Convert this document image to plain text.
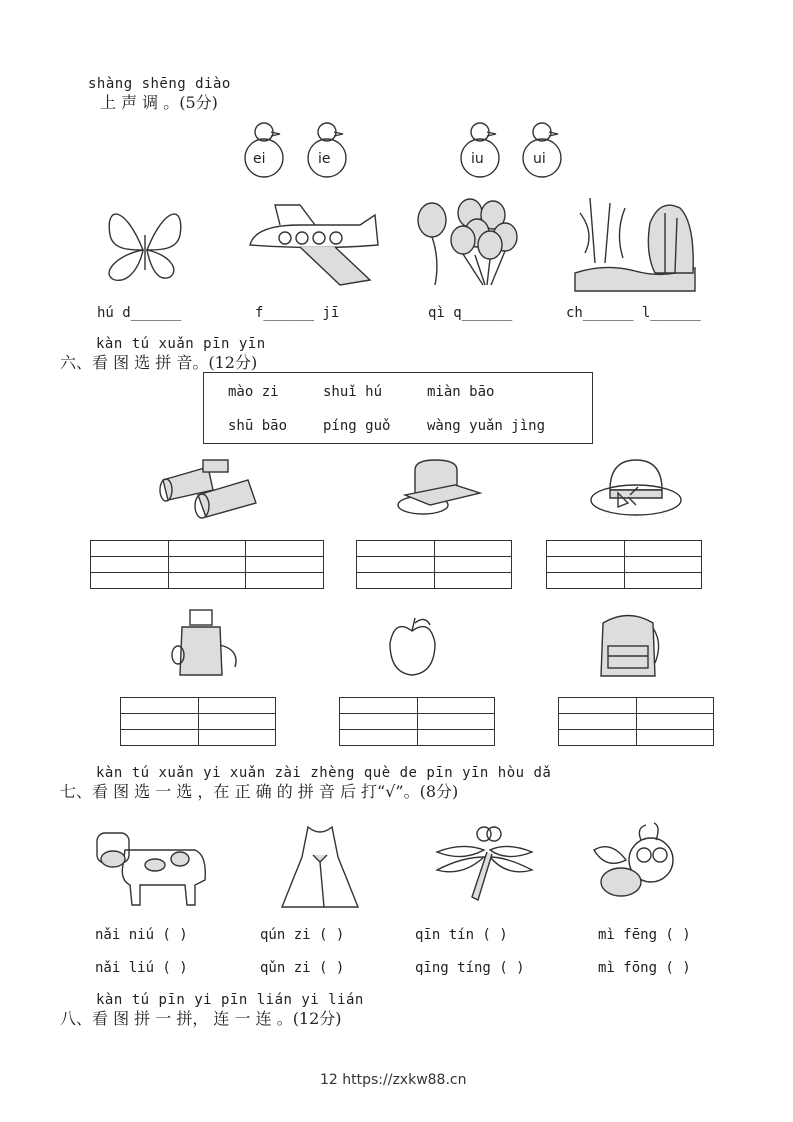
shàng shēng diào
上 声 调 。(5分)
ei	ie	iu	ui
hú d______	f______ jī	qì q______	ch______ l______
kàn tú xuǎn pīn yīn
六、看 图 选 拼 音。(12分)
mào zi	shuǐ hú	miàn bāo
shū bāo	píng guǒ	wàng yuǎn jìng

kàn tú xuǎn yi xuǎn zài zhèng què de pīn yīn hòu dǎ
七、看 图 选 一 选 ，在 正 确 的 拼 音 后 打“√”。(8分)
nǎi niú ( )	qún zi ( )	qīn tín ( )	mì fēng ( )
nǎi liú ( )	qǔn zi ( )	qīng tíng ( )	mì fōng ( )
kàn tú pīn yi pīn lián yi lián
八、看 图 拼 一 拼， 连 一 连 。(12分)
12 https://zxkw88.cn
